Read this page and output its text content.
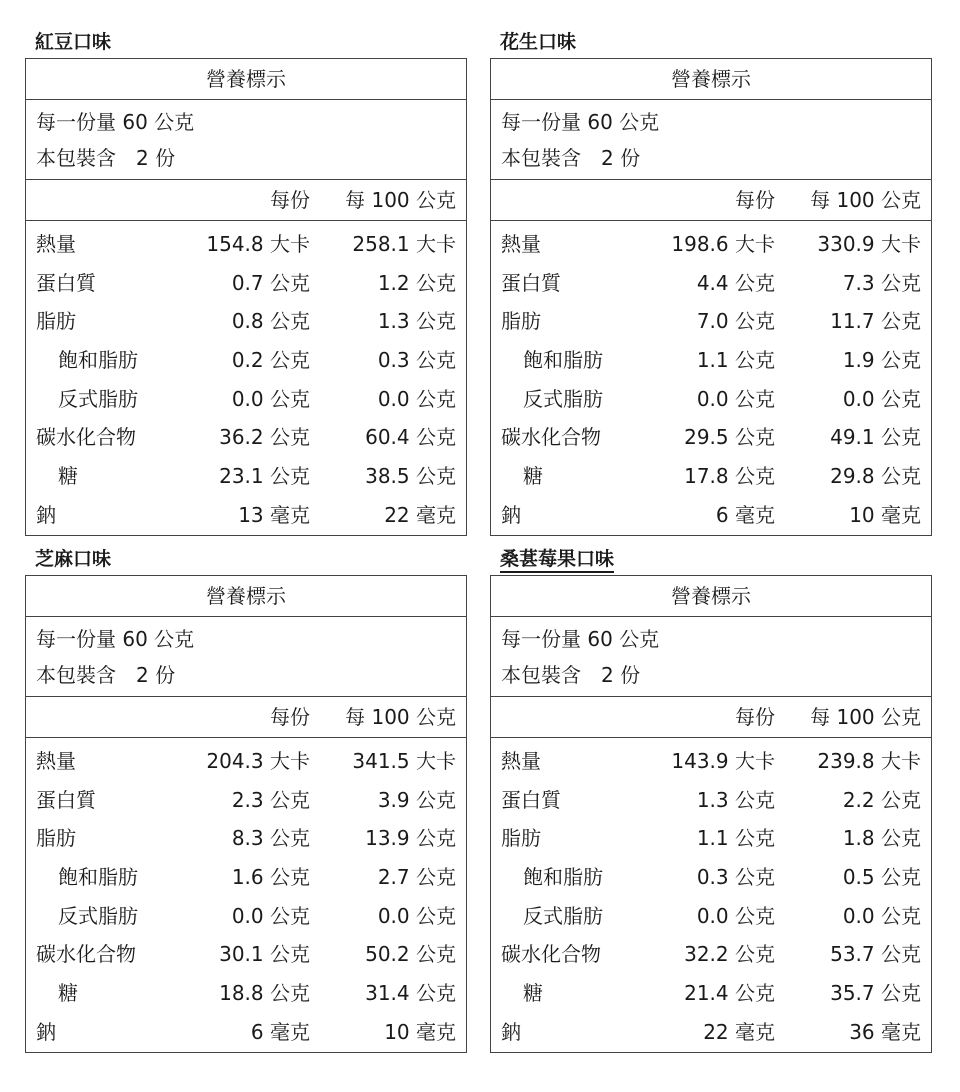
紅豆口味
營養標示
每一份量 60 公克
本包裝含　2 份
每份 每 100 公克
熱量	154.8 大卡 258.1 大卡
蛋白質	0.7 公克	1.2 公克
脂肪	0.8 公克	1.3 公克
飽和脂肪	0.2 公克	0.3 公克
反式脂肪	0.0 公克	0.0 公克
碳水化合物	36.2 公克	60.4 公克
糖	23.1 公克	38.5 公克
鈉	13 毫克	22 毫克
花生口味
營養標示
每一份量 60 公克
本包裝含　2 份
每份 每 100 公克
熱量	198.6 大卡 330.9 大卡
蛋白質	4.4 公克	7.3 公克
脂肪	7.0 公克	11.7 公克
飽和脂肪	1.1 公克	1.9 公克
反式脂肪	0.0 公克	0.0 公克
碳水化合物	29.5 公克	49.1 公克
糖	17.8 公克	29.8 公克
鈉	6 毫克	10 毫克
芝麻口味
營養標示
每一份量 60 公克
本包裝含　2 份
每份 每 100 公克
熱量	204.3 大卡 341.5 大卡
蛋白質	2.3 公克	3.9 公克
脂肪	8.3 公克	13.9 公克
飽和脂肪	1.6 公克	2.7 公克
反式脂肪	0.0 公克	0.0 公克
碳水化合物	30.1 公克	50.2 公克
糖	18.8 公克	31.4 公克
鈉	6 毫克	10 毫克
桑葚莓果口味
營養標示
每一份量 60 公克
本包裝含　2 份
每份 每 100 公克
熱量	143.9 大卡 239.8 大卡
蛋白質	1.3 公克	2.2 公克
脂肪	1.1 公克	1.8 公克
飽和脂肪	0.3 公克	0.5 公克
反式脂肪	0.0 公克	0.0 公克
碳水化合物	32.2 公克	53.7 公克
糖	21.4 公克	35.7 公克
鈉	22 毫克	36 毫克
